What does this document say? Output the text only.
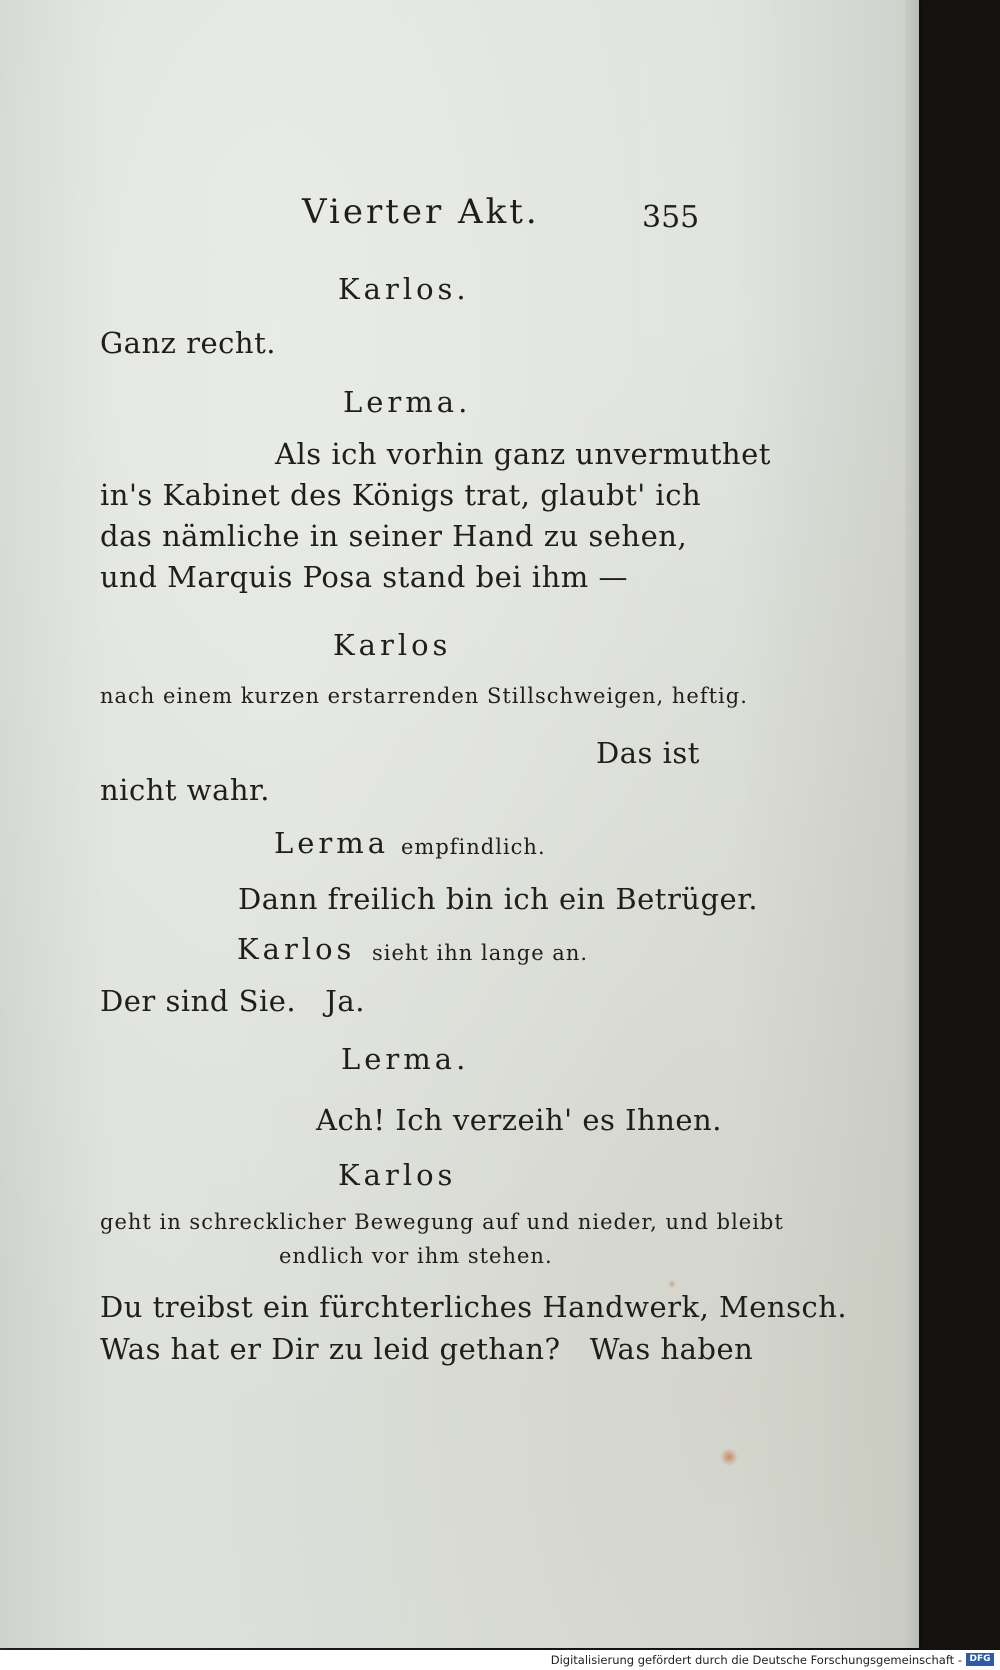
Vierter Akt.	355
Karlos.
Ganz recht.
Lerma.
Als ich vorhin ganz unvermuthet
in's Kabinet des Königs trat, glaubt' ich
das nämliche in seiner Hand zu sehen,
und Marquis Posa stand bei ihm —
Karlos
nach einem kurzen erstarrenden Stillschweigen, heftig.
Das ist
nicht wahr.
Lerma empfindlich.
Dann freilich bin ich ein Betrüger.
Karlos sieht ihn lange an.
Der sind Sie.   Ja.
Lerma.
Ach! Ich verzeih' es Ihnen.
Karlos
geht in schrecklicher Bewegung auf und nieder, und bleibt
endlich vor ihm stehen.
Du treibst ein fürchterliches Handwerk, Mensch.
Was hat er Dir zu leid gethan?   Was haben
Digitalisierung gefördert durch die Deutsche Forschungsgemeinschaft - DFG
